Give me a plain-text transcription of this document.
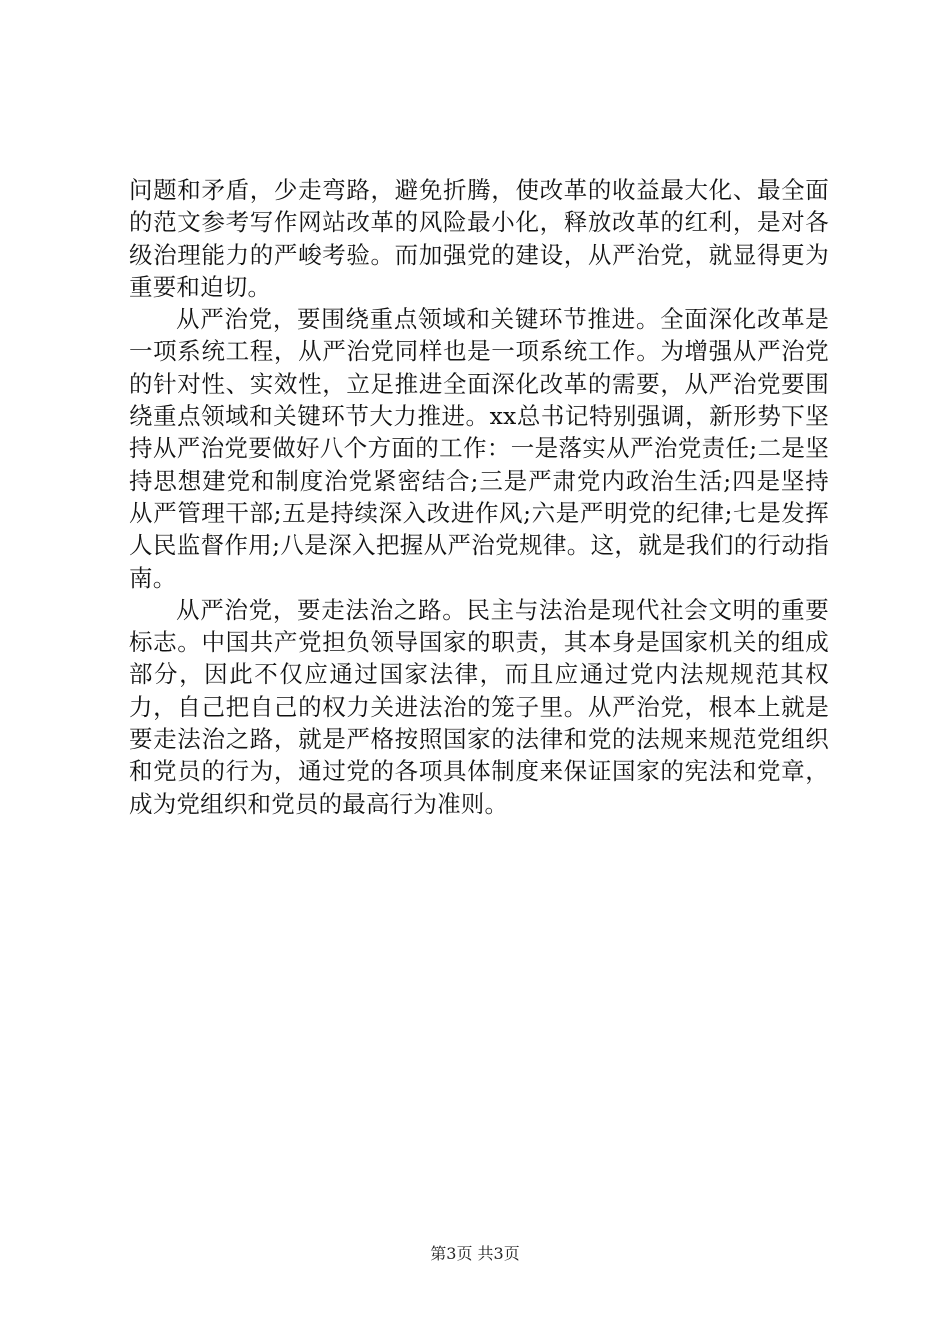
问题和矛盾，少走弯路，避免折腾，使改革的收益最大化、最全面的范文参考写作网站改革的风险最小化，释放改革的红利，是对各级治理能力的严峻考验。而加强党的建设，从严治党，就显得更为重要和迫切。

从严治党，要围绕重点领域和关键环节推进。全面深化改革是一项系统工程，从严治党同样也是一项系统工作。为增强从严治党的针对性、实效性，立足推进全面深化改革的需要，从严治党要围绕重点领域和关键环节大力推进。xx总书记特别强调，新形势下坚持从严治党要做好八个方面的工作：一是落实从严治党责任;二是坚持思想建党和制度治党紧密结合;三是严肃党内政治生活;四是坚持从严管理干部;五是持续深入改进作风;六是严明党的纪律;七是发挥人民监督作用;八是深入把握从严治党规律。这，就是我们的行动指南。

从严治党，要走法治之路。民主与法治是现代社会文明的重要标志。中国共产党担负领导国家的职责，其本身是国家机关的组成部分，因此不仅应通过国家法律，而且应通过党内法规规范其权力，自己把自己的权力关进法治的笼子里。从严治党，根本上就是要走法治之路，就是严格按照国家的法律和党的法规来规范党组织和党员的行为，通过党的各项具体制度来保证国家的宪法和党章，成为党组织和党员的最高行为准则。

第3页 共3页
